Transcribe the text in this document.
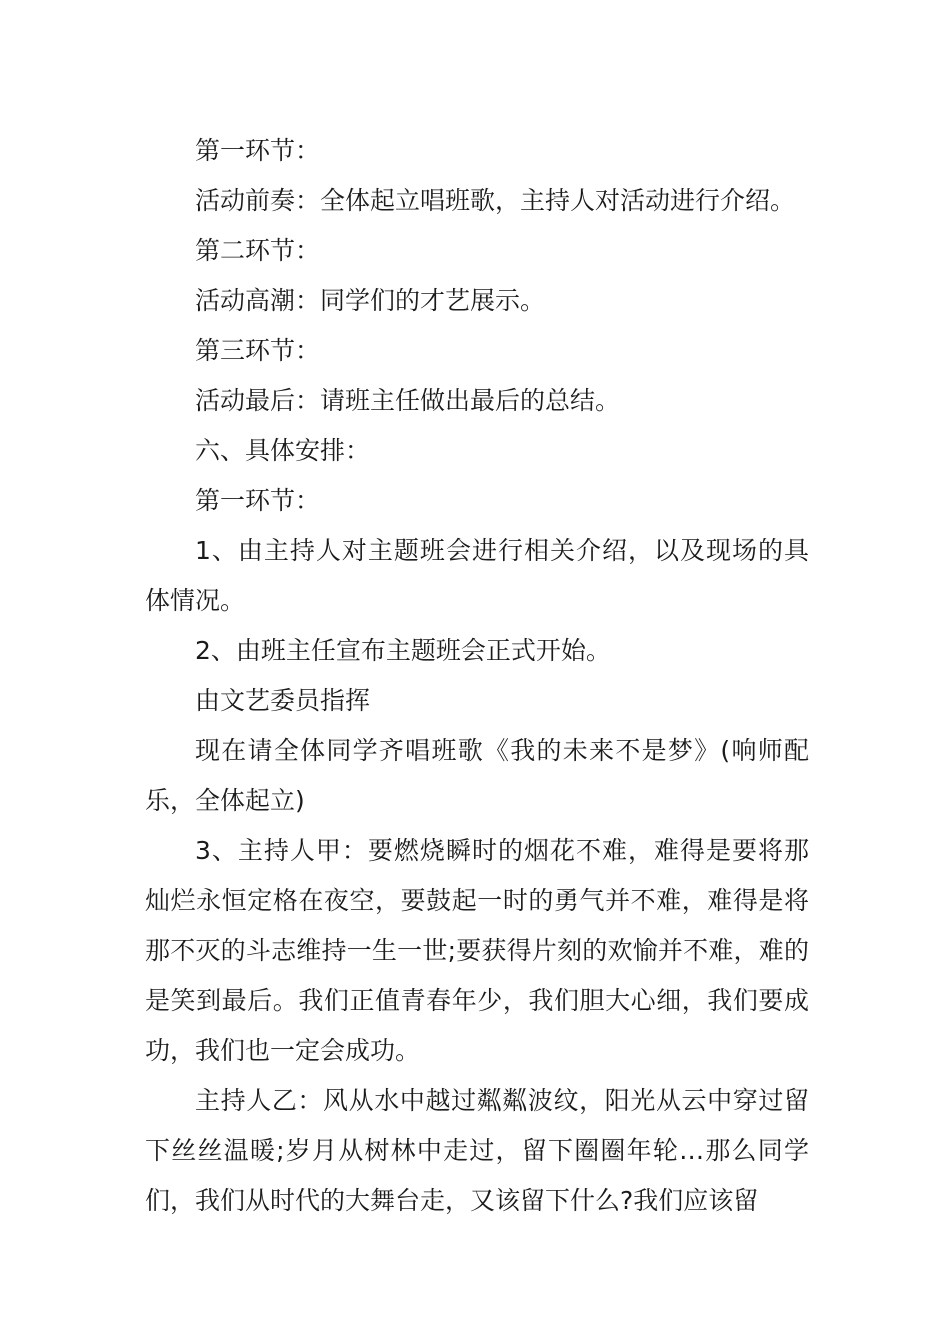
第一环节：

活动前奏：全体起立唱班歌，主持人对活动进行介绍。

第二环节：

活动高潮：同学们的才艺展示。

第三环节：

活动最后：请班主任做出最后的总结。

六、具体安排：

第一环节：

1、由主持人对主题班会进行相关介绍，以及现场的具体情况。

2、由班主任宣布主题班会正式开始。

由文艺委员指挥

现在请全体同学齐唱班歌《我的未来不是梦》(响师配乐，全体起立)

3、主持人甲：要燃烧瞬时的烟花不难，难得是要将那灿烂永恒定格在夜空，要鼓起一时的勇气并不难，难得是将那不灭的斗志维持一生一世;要获得片刻的欢愉并不难，难的是笑到最后。我们正值青春年少，我们胆大心细，我们要成功，我们也一定会成功。

主持人乙：风从水中越过粼粼波纹，阳光从云中穿过留下丝丝温暖;岁月从树林中走过，留下圈圈年轮…那么同学们，我们从时代的大舞台走，又该留下什么?我们应该留
